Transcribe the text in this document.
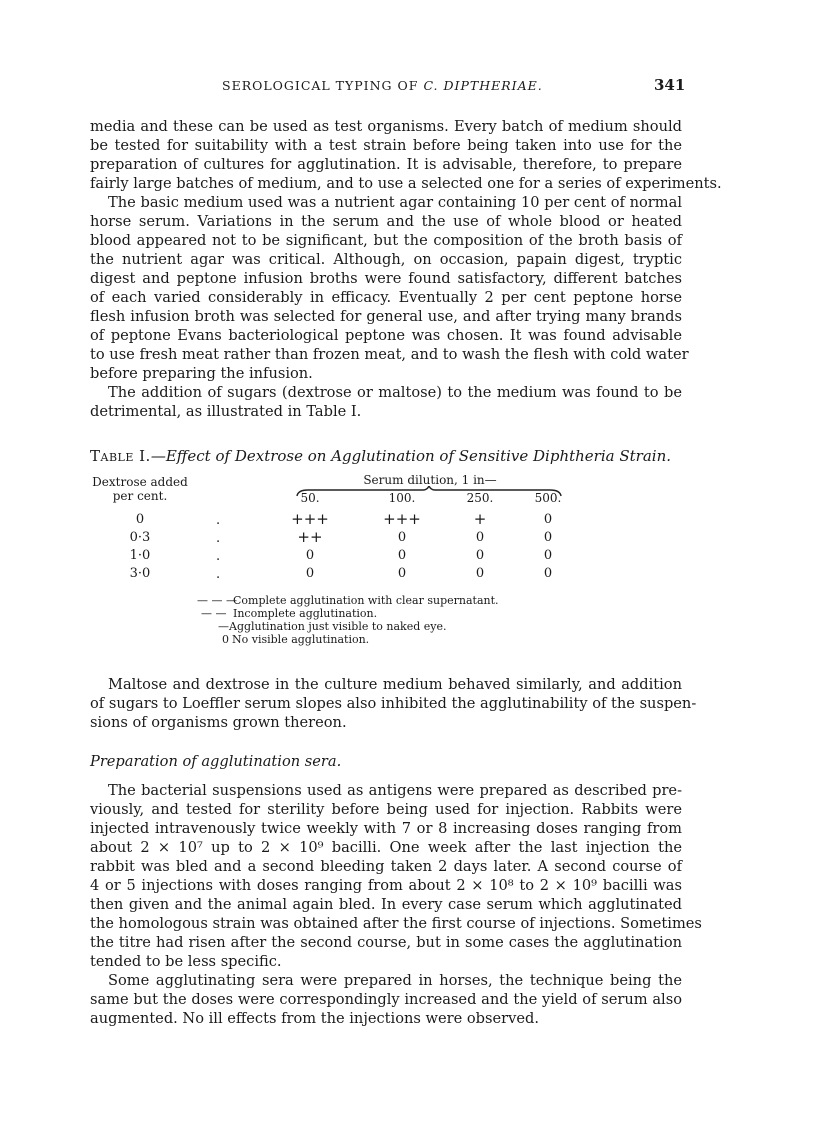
SEROLOGICAL TYPING OF C. DIPTHERIAE.	341
media and these can be used as test organisms. Every batch of medium should
be tested for suitability with a test strain before being taken into use for the
preparation of cultures for agglutination. It is advisable, therefore, to prepare
fairly large batches of medium, and to use a selected one for a series of experiments.
The basic medium used was a nutrient agar containing 10 per cent of normal
horse serum. Variations in the serum and the use of whole blood or heated
blood appeared not to be significant, but the composition of the broth basis of
the nutrient agar was critical. Although, on occasion, papain digest, tryptic
digest and peptone infusion broths were found satisfactory, different batches
of each varied considerably in efficacy. Eventually 2 per cent peptone horse
flesh infusion broth was selected for general use, and after trying many brands
of peptone Evans bacteriological peptone was chosen. It was found advisable
to use fresh meat rather than frozen meat, and to wash the flesh with cold water
before preparing the infusion.
The addition of sugars (dextrose or maltose) to the medium was found to be
detrimental, as illustrated in Table I.
Table I.—Effect of Dextrose on Agglutination of Sensitive Diphtheria Strain.
Dextrose added
per cent.
Serum dilution, 1 in—
50.	100.	250.	500.
0	.	+++	+++	+	0
0·3	.	++	0	0	0
1·0	.	0	0	0	0
3·0	.	0	0	0	0
— — —
Complete agglutination with clear supernatant.
— — Incomplete agglutination.
— Agglutination just visible to naked eye.
0 No visible agglutination.
Maltose and dextrose in the culture medium behaved similarly, and addition
of sugars to Loeffler serum slopes also inhibited the agglutinability of the suspen-
sions of organisms grown thereon.
Preparation of agglutination sera.
The bacterial suspensions used as antigens were prepared as described pre-
viously, and tested for sterility before being used for injection. Rabbits were
injected intravenously twice weekly with 7 or 8 increasing doses ranging from
about 2 × 10⁷ up to 2 × 10⁹ bacilli. One week after the last injection the
rabbit was bled and a second bleeding taken 2 days later. A second course of
4 or 5 injections with doses ranging from about 2 × 10⁸ to 2 × 10⁹ bacilli was
then given and the animal again bled. In every case serum which agglutinated
the homologous strain was obtained after the first course of injections. Sometimes
the titre had risen after the second course, but in some cases the agglutination
tended to be less specific.
Some agglutinating sera were prepared in horses, the technique being the
same but the doses were correspondingly increased and the yield of serum also
augmented. No ill effects from the injections were observed.
